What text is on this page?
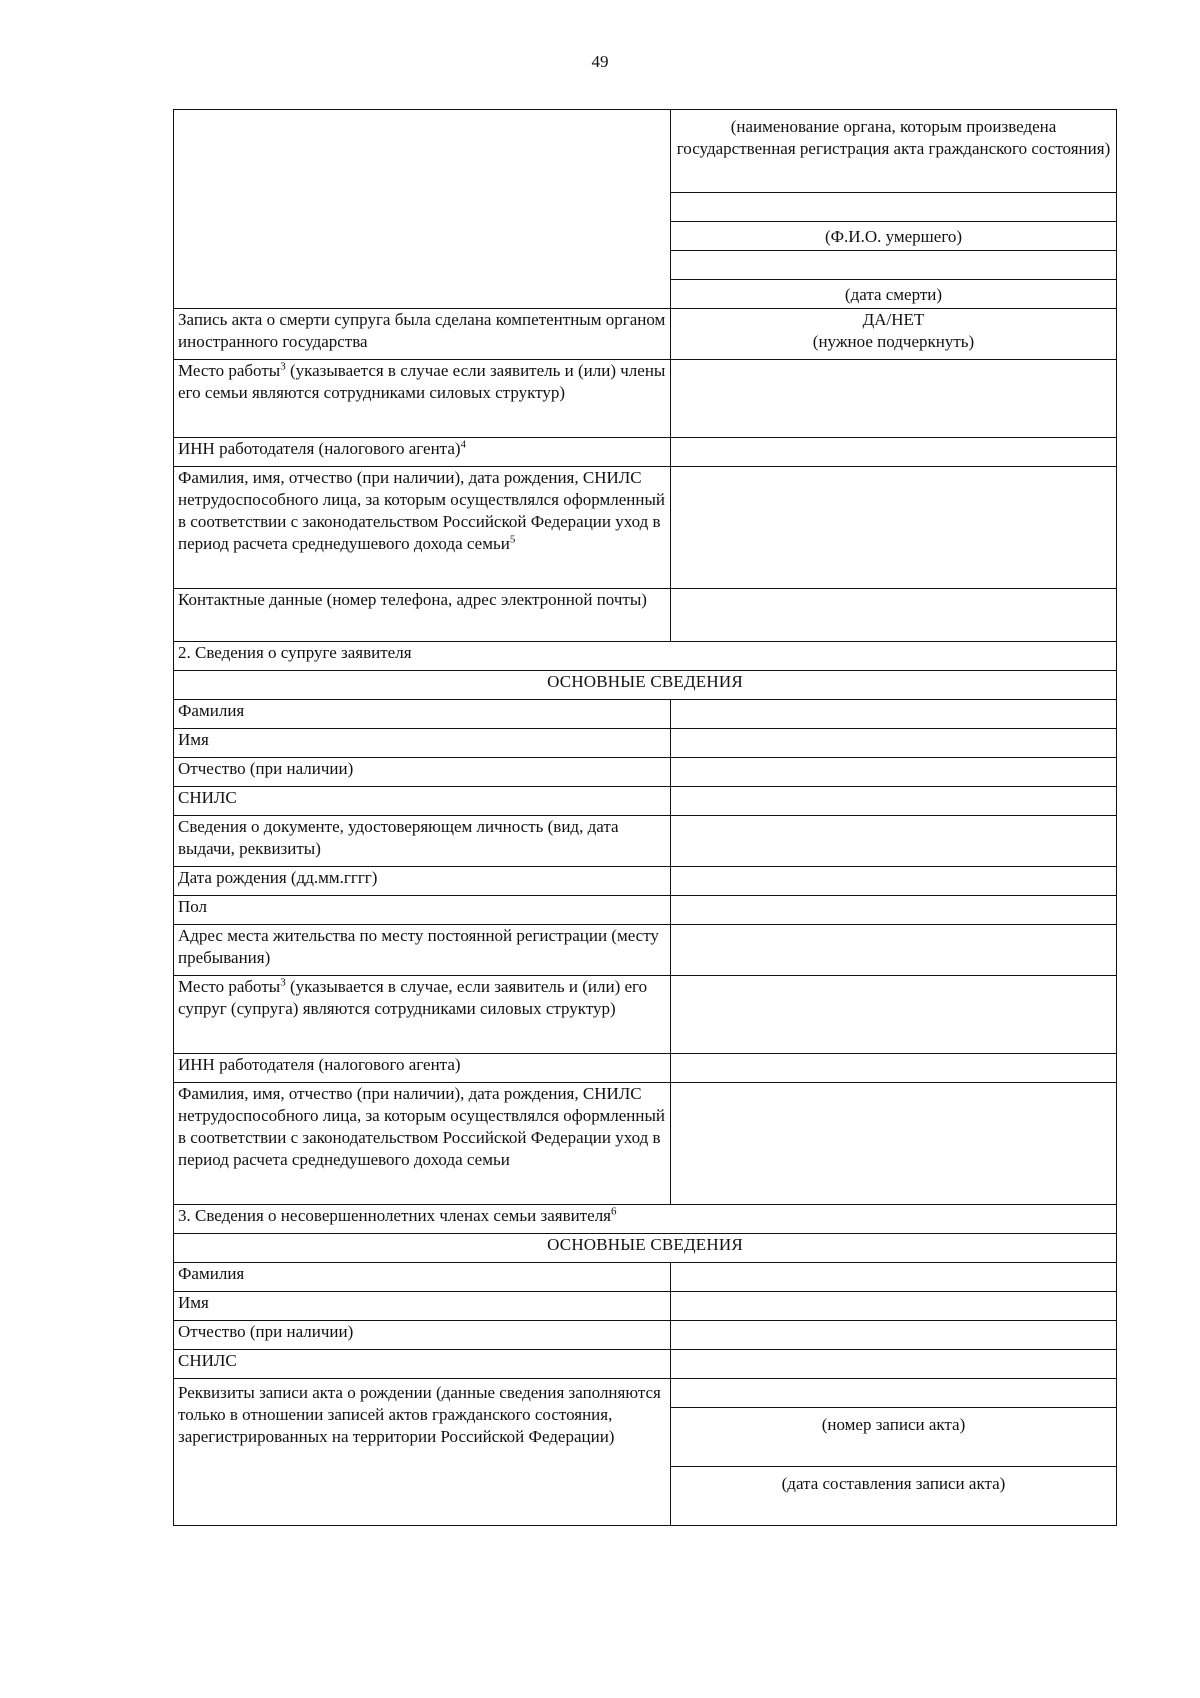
49
	(наименование органа, которым произведена государственная регистрация акта гражданского состояния)

	(Ф.И.О. умершего)

	(дата смерти)

Запись акта о смерти супруга была сделана компетентным органом иностранного государства	ДА/НЕТ
(нужное подчеркнуть)

Место работы$^3$ (указывается в случае если заявитель и (или) члены его семьи являются сотрудниками силовых структур)	
ИНН работодателя (налогового агента)$^4$	
Фамилия, имя, отчество (при наличии), дата рождения, СНИЛС нетрудоспособного лица, за которым осуществлялся оформленный в соответствии с законодательством Российской Федерации уход в период расчета среднедушевого дохода семьи$^5$	
Контактные данные (номер телефона, адрес электронной почты)	
2. Сведения о супруге заявителя	
ОСНОВНЫЕ СВЕДЕНИЯ	
Фамилия	
Имя	
Отчество (при наличии)	
СНИЛС	
Сведения о документе, удостоверяющем личность (вид, дата выдачи, реквизиты)	
Дата рождения (дд.мм.гггг)	
Пол	
Адрес места жительства по месту постоянной регистрации (месту пребывания)	
Место работы$^3$ (указывается в случае, если заявитель и (или) его супруг (супруга) являются сотрудниками силовых структур)	
ИНН работодателя (налогового агента)	
Фамилия, имя, отчество (при наличии), дата рождения, СНИЛС нетрудоспособного лица, за которым осуществлялся оформленный в соответствии с законодательством Российской Федерации уход в период расчета среднедушевого дохода семьи	
3. Сведения о несовершеннолетних членах семьи заявителя$^6$
ОСНОВНЫЕ СВЕДЕНИЯ	
Фамилия	
Имя	
Отчество (при наличии)	
СНИЛС	
Реквизиты записи акта о рождении (данные сведения заполняются только в отношении записей актов гражданского состояния, зарегистрированных на территории Российской Федерации)	
	(номер записи акта)

	(дата составления записи акта)
